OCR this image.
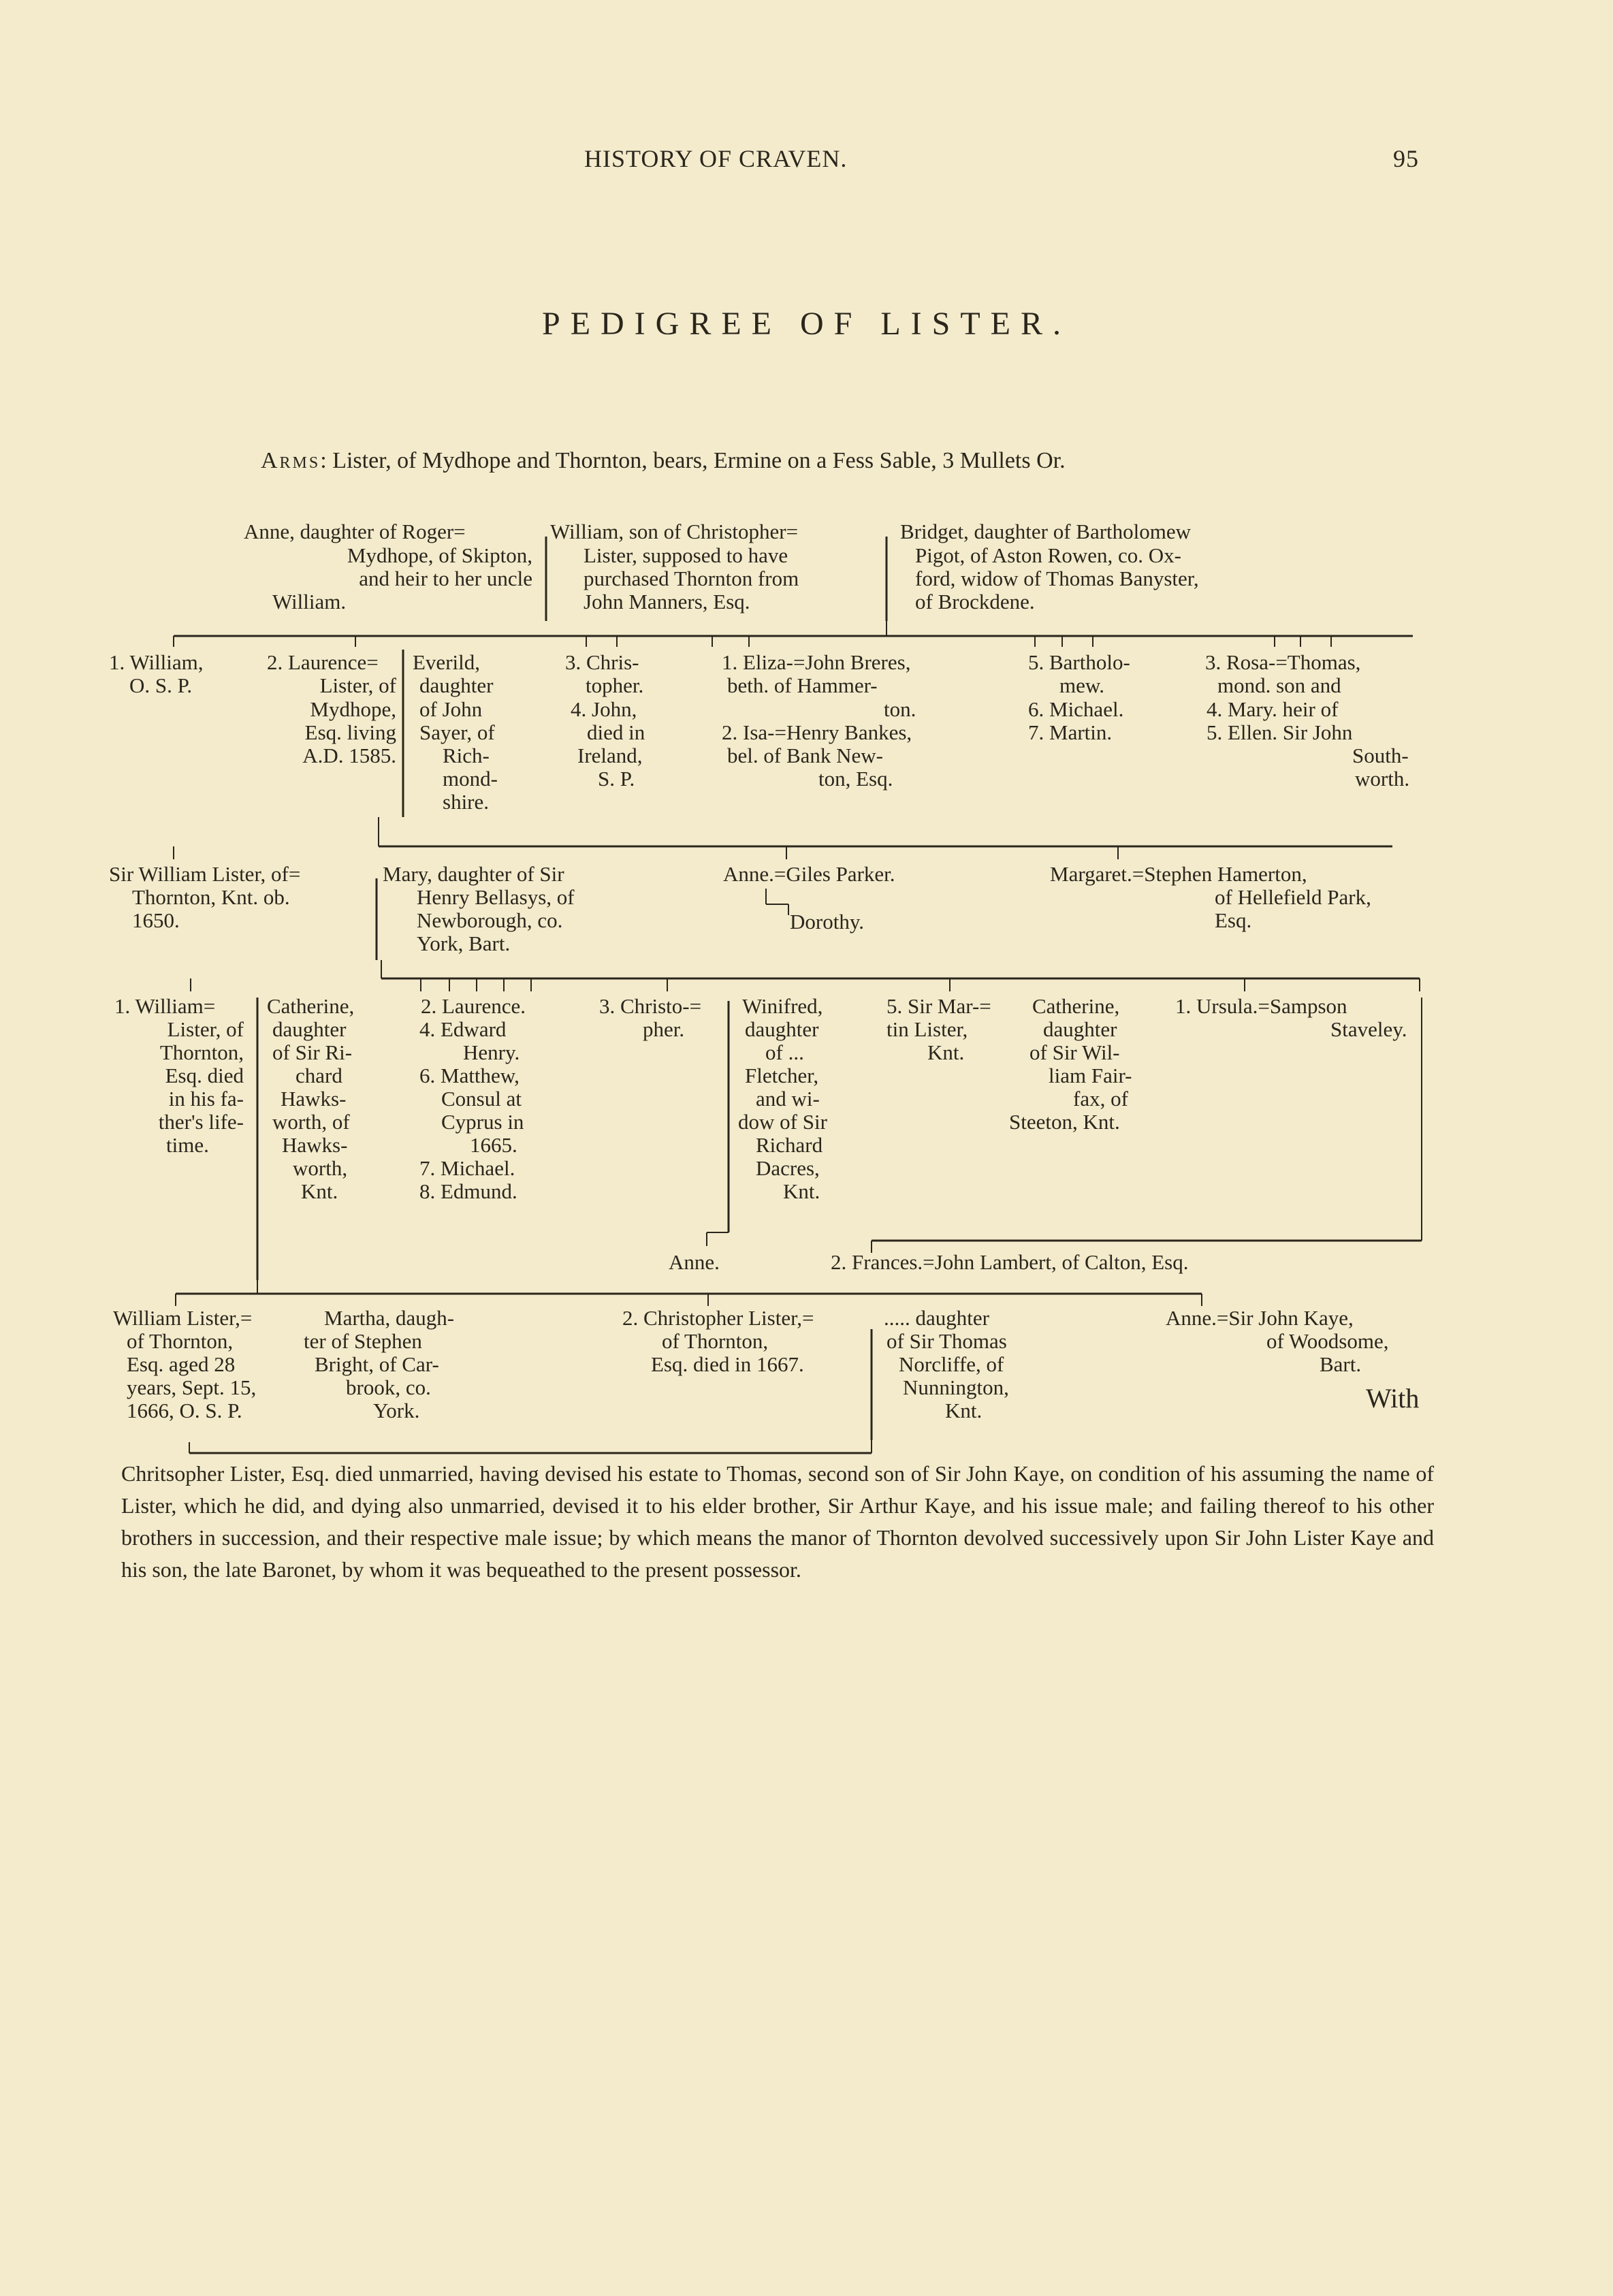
HISTORY OF CRAVEN.	95
PEDIGREE OF LISTER.
Arms: Lister, of Mydhope and Thornton, bears, Ermine on a Fess Sable, 3 Mullets Or.
Anne, daughter of Roger=
Mydhope, of Skipton,
and heir to her uncle
William.
William, son of Christopher=
Lister, supposed to have
purchased Thornton from
John Manners, Esq.
Bridget, daughter of Bartholomew
Pigot, of Aston Rowen, co. Ox-
ford, widow of Thomas Banyster,
of Brockdene.
1. William,
O. S. P.
2. Laurence=
Lister, of
Mydhope,
Esq. living
A.D. 1585.
Everild,
daughter
of John
Sayer, of
Rich-
mond-
shire.
3. Chris-
topher.
4. John,
died in
Ireland,
S. P.
1. Eliza-=John Breres,
beth. of Hammer-
ton.
2. Isa-=Henry Bankes,
bel. of Bank New-
ton, Esq.
5. Bartholo-
mew.
6. Michael.
7. Martin.
3. Rosa-=Thomas,
mond. son and
4. Mary. heir of
5. Ellen. Sir John
South-
worth.
Sir William Lister, of=
Thornton, Knt. ob.
1650.
Mary, daughter of Sir
Henry Bellasys, of
Newborough, co.
York, Bart.
Anne.=Giles Parker.
Dorothy.
Margaret.=Stephen Hamerton,
of Hellefield Park,
Esq.
1. William=
Lister, of
Thornton,
Esq. died
in his fa-
ther's life-
time.
Catherine,
daughter
of Sir Ri-
chard
Hawks-
worth, of
Hawks-
worth,
Knt.
2. Laurence.
4. Edward
Henry.
6. Matthew,
Consul at
Cyprus in
1665.
7. Michael.
8. Edmund.
3. Christo-=
pher.
Winifred,
daughter
of ...
Fletcher,
and wi-
dow of Sir
Richard
Dacres,
Knt.
5. Sir Mar-=
tin Lister,
Knt.
Catherine,
daughter
of Sir Wil-
liam Fair-
fax, of
Steeton, Knt.
1. Ursula.=Sampson
Staveley.
Anne.	2. Frances.=John Lambert, of Calton, Esq.
William Lister,=
of Thornton,
Esq. aged 28
years, Sept. 15,
1666, O. S. P.
Martha, daugh-
ter of Stephen
Bright, of Car-
brook, co.
York.
2. Christopher Lister,=
of Thornton,
Esq. died in 1667.
..... daughter
of Sir Thomas
Norcliffe, of
Nunnington,
Knt.
Anne.=Sir John Kaye,
of Woodsome,
Bart.
Chritsopher Lister, Esq. died unmarried, having devised his estate to Thomas, second son of Sir John Kaye, on condition of his assuming the name of Lister, which he did, and dying also unmarried, devised it to his elder brother, Sir Arthur Kaye, and his issue male; and failing thereof to his other brothers in succession, and their respective male issue; by which means the manor of Thornton devolved successively upon Sir John Lister Kaye and his son, the late Baronet, by whom it was bequeathed to the present possessor.
With
